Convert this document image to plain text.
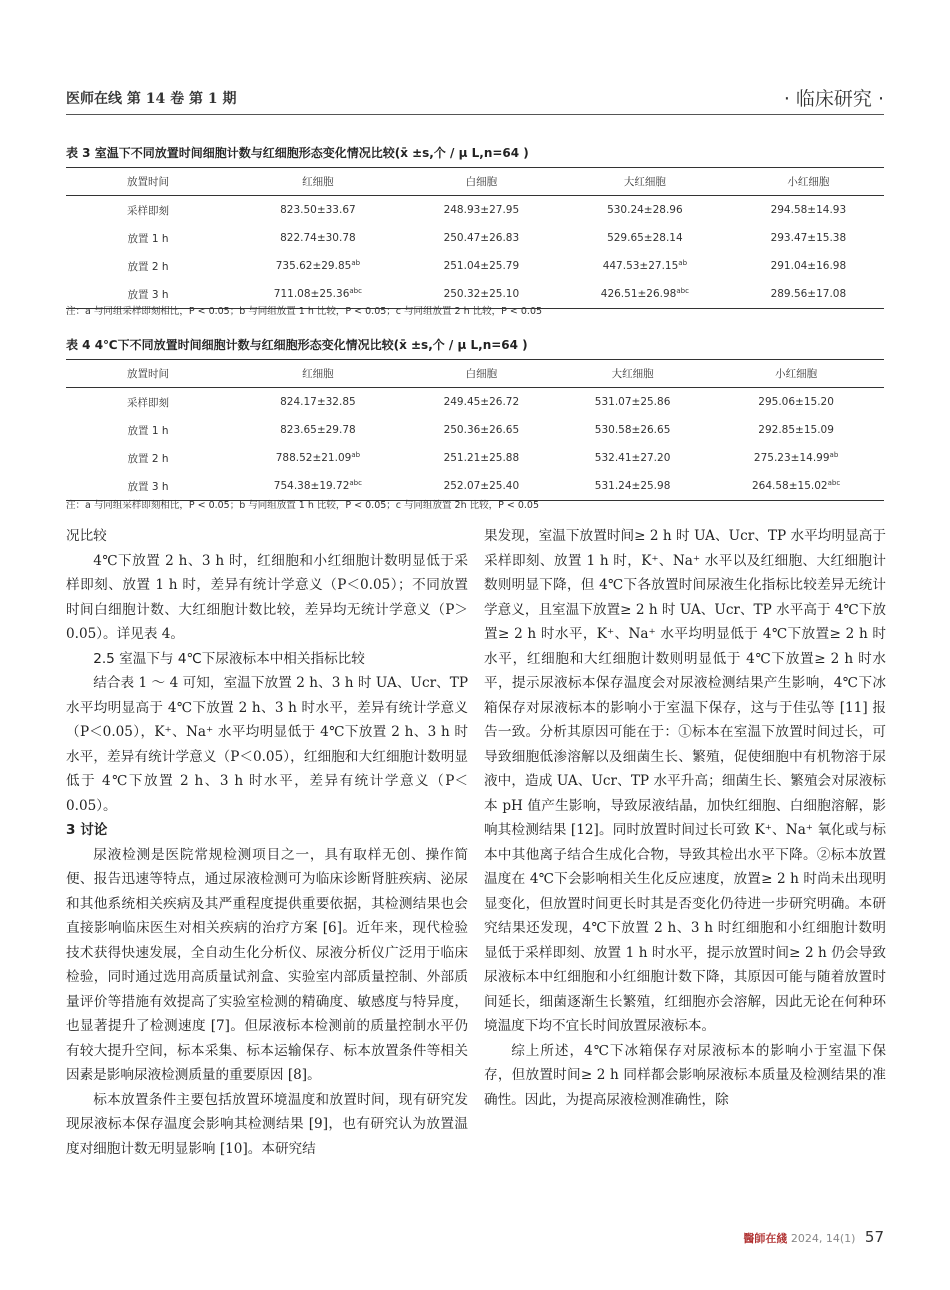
医师在线 第 14 卷 第 1 期	· 临床研究 ·
表 3 室温下不同放置时间细胞计数与红细胞形态变化情况比较(x̄ ±s,个 / μ L,n=64 )
放置时间	红细胞	白细胞	大红细胞	小红细胞
采样即刻	823.50±33.67	248.93±27.95	530.24±28.96	294.58±14.93
放置 1 h	822.74±30.78	250.47±26.83	529.65±28.14	293.47±15.38
放置 2 h	735.62±29.85$^{ab}$	251.04±25.79	447.53±27.15$^{ab}$	291.04±16.98
放置 3 h	711.08±25.36$^{abc}$	250.32±25.10	426.51±26.98$^{abc}$	289.56±17.08
注：a 与同组采样即刻相比，P < 0.05；b 与同组放置 1 h 比较，P < 0.05；c 与同组放置 2 h 比较，P < 0.05
表 4 4℃下不同放置时间细胞计数与红细胞形态变化情况比较(x̄ ±s,个 / μ L,n=64 )
放置时间	红细胞	白细胞	大红细胞	小红细胞
采样即刻	824.17±32.85	249.45±26.72	531.07±25.86	295.06±15.20
放置 1 h	823.65±29.78	250.36±26.65	530.58±26.65	292.85±15.09
放置 2 h	788.52±21.09$^{ab}$	251.21±25.88	532.41±27.20	275.23±14.99$^{ab}$
放置 3 h	754.38±19.72$^{abc}$	252.07±25.40	531.24±25.98	264.58±15.02$^{abc}$
注：a 与同组采样即刻相比，P < 0.05；b 与同组放置 1 h 比较，P < 0.05；c 与同组放置 2h 比较，P < 0.05

况比较

4℃下放置 2 h、3 h 时，红细胞和小红细胞计数明显低于采样即刻、放置 1 h 时，差异有统计学意义（P＜0.05）；不同放置时间白细胞计数、大红细胞计数比较，差异均无统计学意义（P＞0.05）。详见表 4。

2.5 室温下与 4℃下尿液标本中相关指标比较

结合表 1 ～ 4 可知，室温下放置 2 h、3 h 时 UA、Ucr、TP 水平均明显高于 4℃下放置 2 h、3 h 时水平，差异有统计学意义（P＜0.05），K⁺、Na⁺ 水平均明显低于 4℃下放置 2 h、3 h 时水平，差异有统计学意义（P＜0.05），红细胞和大红细胞计数明显低于 4℃下放置 2 h、3 h 时水平，差异有统计学意义（P＜0.05）。

3 讨论

尿液检测是医院常规检测项目之一，具有取样无创、操作简便、报告迅速等特点，通过尿液检测可为临床诊断肾脏疾病、泌尿和其他系统相关疾病及其严重程度提供重要依据，其检测结果也会直接影响临床医生对相关疾病的治疗方案 [6]。近年来，现代检验技术获得快速发展，全自动生化分析仪、尿液分析仪广泛用于临床检验，同时通过选用高质量试剂盒、实验室内部质量控制、外部质量评价等措施有效提高了实验室检测的精确度、敏感度与特异度，也显著提升了检测速度 [7]。但尿液标本检测前的质量控制水平仍有较大提升空间，标本采集、标本运输保存、标本放置条件等相关因素是影响尿液检测质量的重要原因 [8]。

标本放置条件主要包括放置环境温度和放置时间，现有研究发现尿液标本保存温度会影响其检测结果 [9]，也有研究认为放置温度对细胞计数无明显影响 [10]。本研究结

果发现，室温下放置时间≥ 2 h 时 UA、Ucr、TP 水平均明显高于采样即刻、放置 1 h 时，K⁺、Na⁺ 水平以及红细胞、大红细胞计数则明显下降，但 4℃下各放置时间尿液生化指标比较差异无统计学意义，且室温下放置≥ 2 h 时 UA、Ucr、TP 水平高于 4℃下放置≥ 2 h 时水平，K⁺、Na⁺ 水平均明显低于 4℃下放置≥ 2 h 时水平，红细胞和大红细胞计数则明显低于 4℃下放置≥ 2 h 时水平，提示尿液标本保存温度会对尿液检测结果产生影响，4℃下冰箱保存对尿液标本的影响小于室温下保存，这与于佳弘等 [11] 报告一致。分析其原因可能在于：①标本在室温下放置时间过长，可导致细胞低渗溶解以及细菌生长、繁殖，促使细胞中有机物溶于尿液中，造成 UA、Ucr、TP 水平升高；细菌生长、繁殖会对尿液标本 pH 值产生影响，导致尿液结晶，加快红细胞、白细胞溶解，影响其检测结果 [12]。同时放置时间过长可致 K⁺、Na⁺ 氧化或与标本中其他离子结合生成化合物，导致其检出水平下降。②标本放置温度在 4℃下会影响相关生化反应速度，放置≥ 2 h 时尚未出现明显变化，但放置时间更长时其是否变化仍待进一步研究明确。本研究结果还发现，4℃下放置 2 h、3 h 时红细胞和小红细胞计数明显低于采样即刻、放置 1 h 时水平，提示放置时间≥ 2 h 仍会导致尿液标本中红细胞和小红细胞计数下降，其原因可能与随着放置时间延长，细菌逐渐生长繁殖，红细胞亦会溶解，因此无论在何种环境温度下均不宜长时间放置尿液标本。

综上所述，4℃下冰箱保存对尿液标本的影响小于室温下保存，但放置时间≥ 2 h 同样都会影响尿液标本质量及检测结果的准确性。因此，为提高尿液检测准确性，除

醫師在綫 2024, 14(1) 57
